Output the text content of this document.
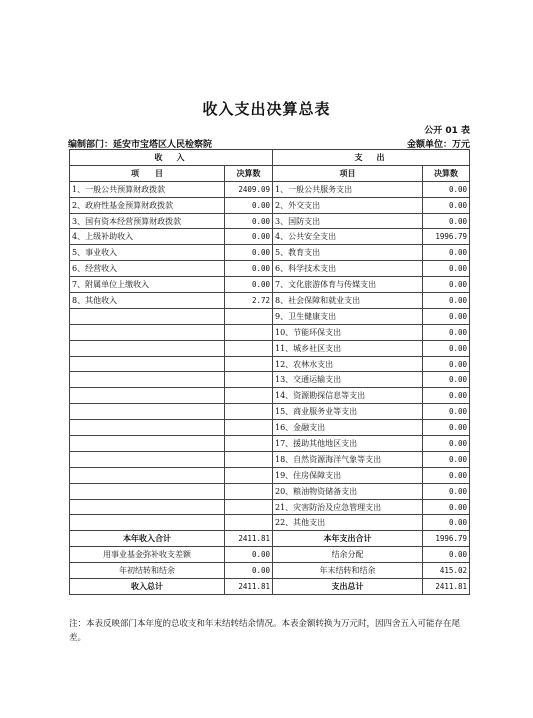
收入支出决算总表
公开 01 表
编制部门：延安市宝塔区人民检察院	金额单位：万元
收　入		支　出	
项　　目	决算数	项目	决算数
1、一般公共预算财政拨款	2409.09	1、一般公共服务支出	0.00
2、政府性基金预算财政拨款	0.00	2、外交支出	0.00
3、国有资本经营预算财政拨款	0.00	3、国防支出	0.00
4、上级补助收入	0.00	4、公共安全支出	1996.79
5、事业收入	0.00	5、教育支出	0.00
6、经营收入	0.00	6、科学技术支出	0.00
7、附属单位上缴收入	0.00	7、文化旅游体育与传媒支出	0.00
8、其他收入	2.72	8、社会保障和就业支出	0.00
		9、卫生健康支出	0.00
		10、节能环保支出	0.00
		11、城乡社区支出	0.00
		12、农林水支出	0.00
		13、交通运输支出	0.00
		14、资源勘探信息等支出	0.00
		15、商业服务业等支出	0.00
		16、金融支出	0.00
		17、援助其他地区支出	0.00
		18、自然资源海洋气象等支出	0.00
		19、住房保障支出	0.00
		20、粮油物资储备支出	0.00
		21、灾害防治及应急管理支出	0.00
		22、其他支出	0.00
本年收入合计	2411.81	本年支出合计	1996.79
用事业基金弥补收支差额	0.00	结余分配	0.00
年初结转和结余	0.00	年末结转和结余	415.02
收入总计	2411.81	支出总计	2411.81
注：本表反映部门本年度的总收支和年末结转结余情况。本表金额转换为万元时，因四舍五入可能存在尾差。
